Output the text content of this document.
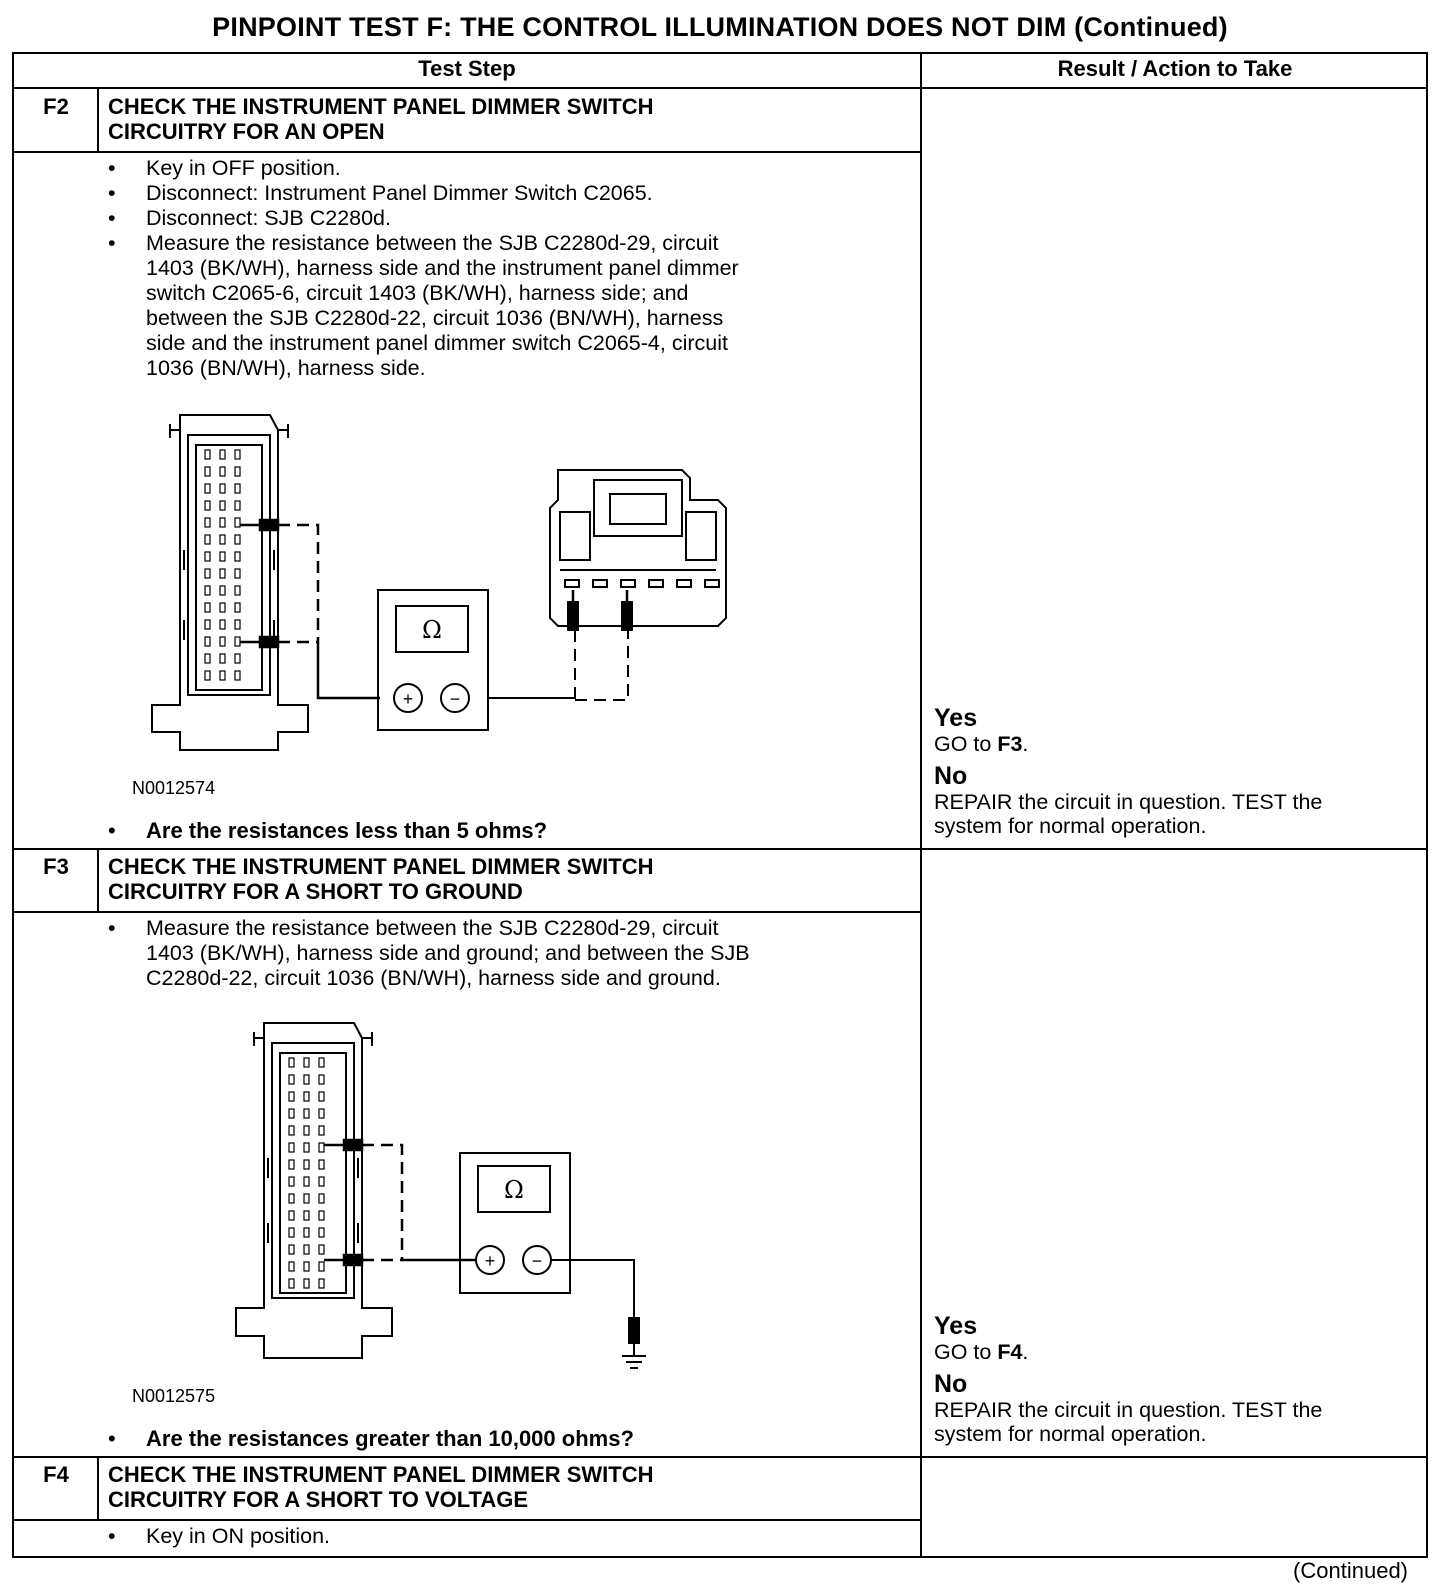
PINPOINT TEST F: THE CONTROL ILLUMINATION DOES NOT DIM (Continued)
Test Step	Result / Action to Take
F2	CHECK THE INSTRUMENT PANEL DIMMER SWITCH
CIRCUITRY FOR AN OPEN
• Key in OFF position.
• Disconnect: Instrument Panel Dimmer Switch C2065.
• Disconnect: SJB C2280d.
• Measure the resistance between the SJB C2280d-29, circuit
1403 (BK/WH), harness side and the instrument panel dimmer
switch C2065-6, circuit 1403 (BK/WH), harness side; and
between the SJB C2280d-22, circuit 1036 (BN/WH), harness
side and the instrument panel dimmer switch C2065-4, circuit
1036 (BN/WH), harness side.
Ω
+ −
N0012574
• Are the resistances less than 5 ohms?
Yes
GO to F3.
No
REPAIR the circuit in question. TEST the
system for normal operation.
F3	CHECK THE INSTRUMENT PANEL DIMMER SWITCH
CIRCUITRY FOR A SHORT TO GROUND
• Measure the resistance between the SJB C2280d-29, circuit
1403 (BK/WH), harness side and ground; and between the SJB
C2280d-22, circuit 1036 (BN/WH), harness side and ground.
Ω
+ −
N0012575
• Are the resistances greater than 10,000 ohms?
Yes
GO to F4.
No
REPAIR the circuit in question. TEST the
system for normal operation.
F4	CHECK THE INSTRUMENT PANEL DIMMER SWITCH
CIRCUITRY FOR A SHORT TO VOLTAGE
• Key in ON position.
(Continued)
